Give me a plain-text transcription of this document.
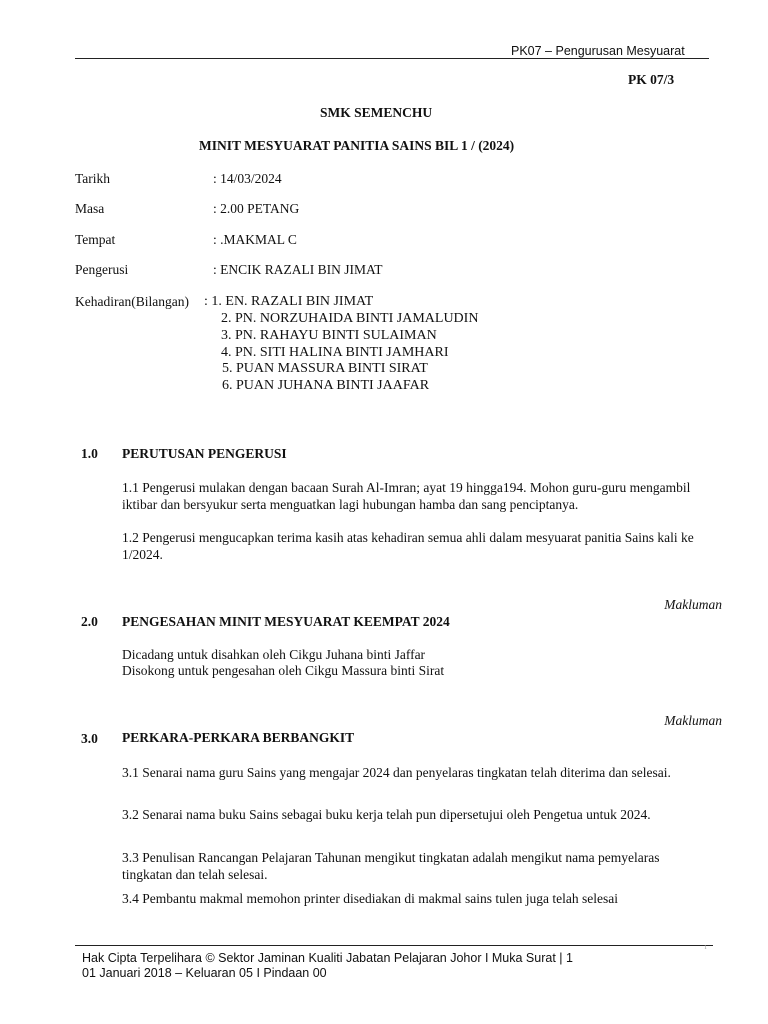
PK07 – Pengurusan Mesyuarat
PK 07/3
SMK SEMENCHU
MINIT MESYUARAT PANITIA SAINS BIL 1 / (2024)
Tarikh	: 14/03/2024
Masa	: 2.00 PETANG
Tempat	: .MAKMAL C
Pengerusi	: ENCIK RAZALI BIN JIMAT
Kehadiran(Bilangan) : 1. EN. RAZALI BIN JIMAT
2. PN. NORZUHAIDA BINTI JAMALUDIN
3. PN. RAHAYU BINTI SULAIMAN
4. PN. SITI HALINA BINTI JAMHARI
5. PUAN MASSURA BINTI SIRAT
6. PUAN JUHANA BINTI JAAFAR
1.0 PERUTUSAN PENGERUSI
1.1 Pengerusi mulakan dengan bacaan Surah Al-Imran; ayat 19 hingga194. Mohon guru-guru mengambil iktibar dan bersyukur serta menguatkan lagi hubungan hamba dan sang penciptanya.
1.2 Pengerusi mengucapkan terima kasih atas kehadiran semua ahli dalam mesyuarat panitia Sains kali ke 1/2024.
Makluman
2.0 PENGESAHAN MINIT MESYUARAT KEEMPAT 2024
Dicadang untuk disahkan oleh Cikgu Juhana binti Jaffar
Disokong untuk pengesahan oleh Cikgu Massura binti Sirat
Makluman
3.0 PERKARA-PERKARA BERBANGKIT
3.1 Senarai nama guru Sains yang mengajar 2024 dan penyelaras tingkatan telah diterima dan selesai.
3.2 Senarai nama buku Sains sebagai buku kerja telah pun dipersetujui oleh Pengetua untuk 2024.
3.3 Penulisan Rancangan Pelajaran Tahunan mengikut tingkatan adalah mengikut nama pemyelaras tingkatan dan telah selesai.
3.4 Pembantu makmal memohon printer disediakan di makmal sains tulen juga telah selesai
1
Hak Cipta Terpelihara © Sektor Jaminan Kualiti Jabatan Pelajaran Johor I Muka Surat | 1
01 Januari 2018 – Keluaran 05 I Pindaan 00
